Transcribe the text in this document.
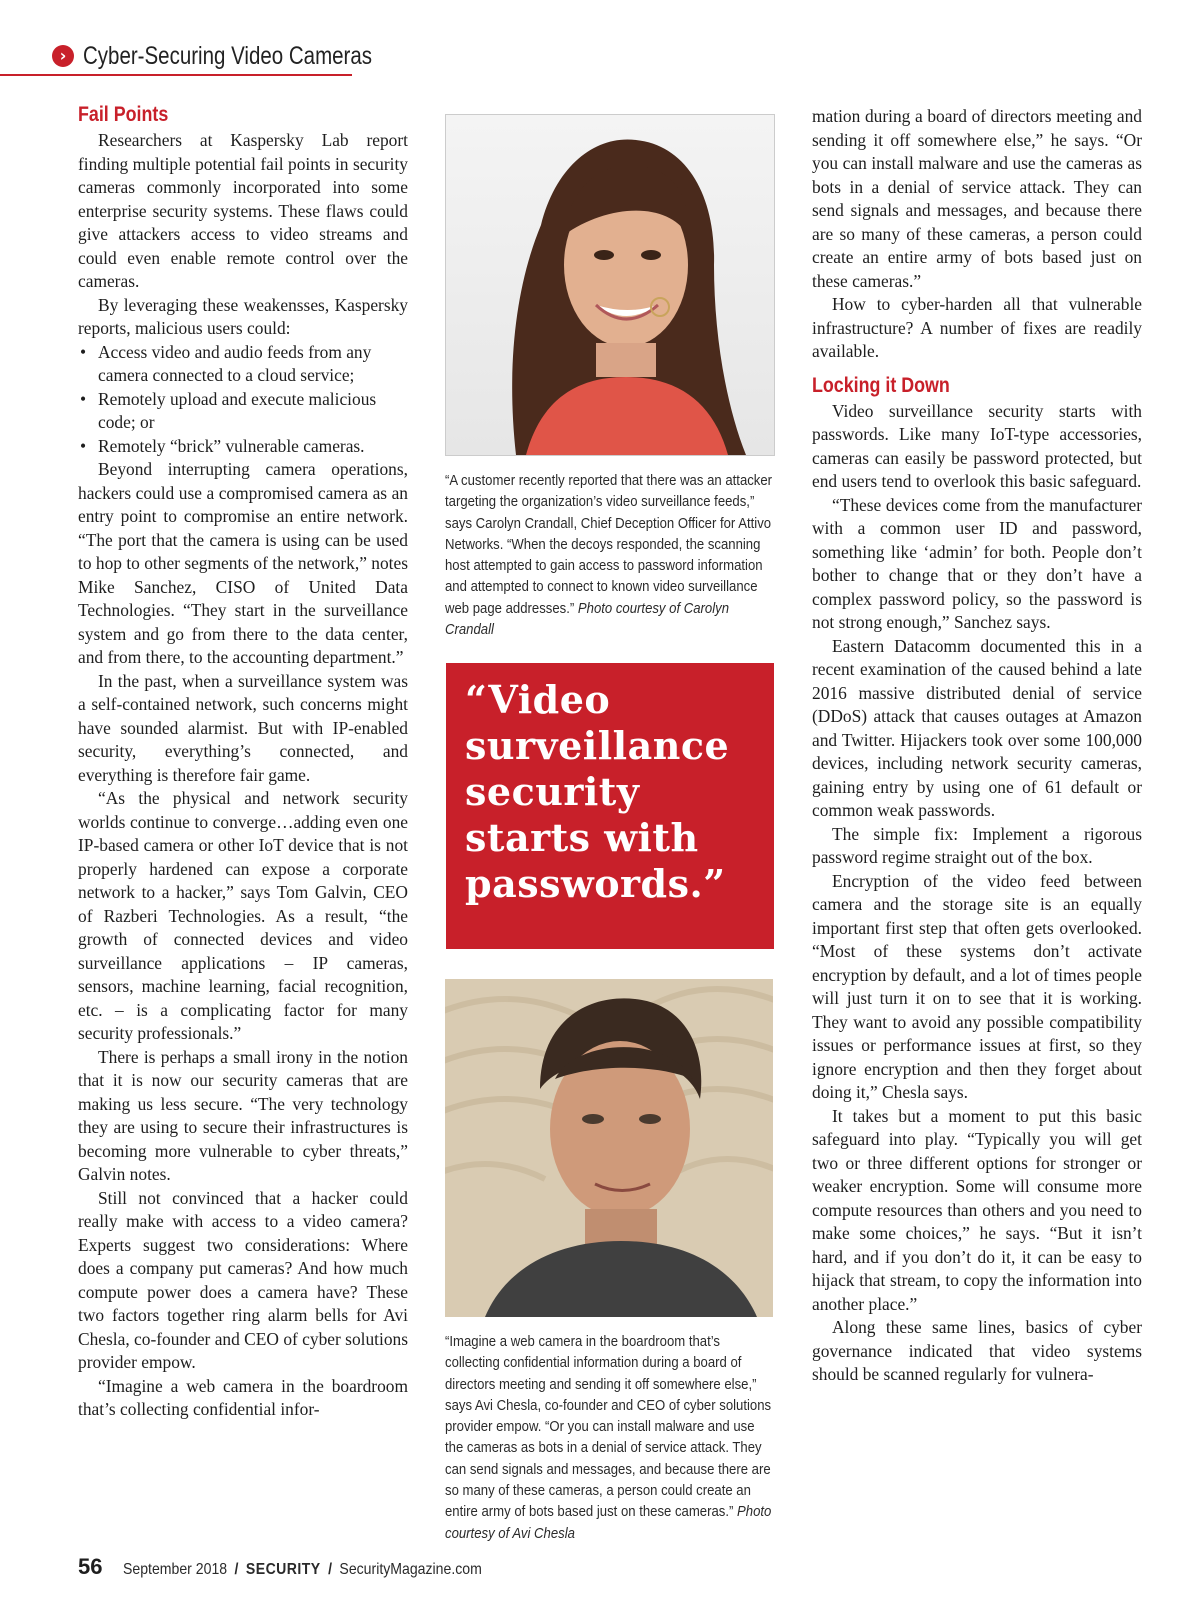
› Cyber-Securing Video Cameras
Fail Points

Researchers at Kaspersky Lab report finding multiple potential fail points in security cameras commonly incorporated into some enterprise security systems. These flaws could give attackers access to video streams and could even enable remote control over the cameras.

By leveraging these weakensses, Kaspersky reports, malicious users could:

• Access video and audio feeds from any camera connected to a cloud service;
• Remotely upload and execute malicious code; or
• Remotely “brick” vulnerable cameras.

Beyond interrupting camera operations, hackers could use a compromised camera as an entry point to compromise an entire network. “The port that the camera is using can be used to hop to other segments of the network,” notes Mike Sanchez, CISO of United Data Technologies. “They start in the surveillance system and go from there to the data center, and from there, to the accounting department.”

In the past, when a surveillance system was a self-contained network, such concerns might have sounded alarmist. But with IP-enabled security, everything’s connected, and everything is therefore fair game.

“As the physical and network security worlds continue to converge…adding even one IP-based camera or other IoT device that is not properly hardened can expose a corporate network to a hacker,” says Tom Galvin, CEO of Razberi Technologies. As a result, “the growth of connected devices and video surveillance applications – IP cameras, sensors, machine learning, facial recognition, etc. – is a complicating factor for many security professionals.”

There is perhaps a small irony in the notion that it is now our security cameras that are making us less secure. “The very technology they are using to secure their infrastructures is becoming more vulnerable to cyber threats,” Galvin notes.

Still not convinced that a hacker could really make with access to a video camera? Experts suggest two considerations: Where does a company put cameras? And how much compute power does a camera have? These two factors together ring alarm bells for Avi Chesla, co-founder and CEO of cyber solutions provider empow.

“Imagine a web camera in the boardroom that’s collecting confidential infor-

“A customer recently reported that there was an attacker targeting the organization’s video surveillance feeds,” says Carolyn Crandall, Chief Deception Officer for Attivo Networks. “When the decoys responded, the scanning host attempted to gain access to password information and attempted to connect to known video surveillance web page addresses.” Photo courtesy of Carolyn Crandall
“Video surveillance security starts with passwords.”
“Imagine a web camera in the boardroom that’s collecting confidential information during a board of directors meeting and sending it off somewhere else,” says Avi Chesla, co-founder and CEO of cyber solutions provider empow. “Or you can install malware and use the cameras as bots in a denial of service attack. They can send signals and messages, and because there are so many of these cameras, a person could create an entire army of bots based just on these cameras.” Photo courtesy of Avi Chesla

mation during a board of directors meeting and sending it off somewhere else,” he says. “Or you can install malware and use the cameras as bots in a denial of service attack. They can send signals and messages, and because there are so many of these cameras, a person could create an entire army of bots based just on these cameras.”

How to cyber-harden all that vulnerable infrastructure? A number of fixes are readily available.

Locking it Down

Video surveillance security starts with passwords. Like many IoT-type accessories, cameras can easily be password protected, but end users tend to overlook this basic safeguard.

“These devices come from the manufacturer with a common user ID and password, something like ‘admin’ for both. People don’t bother to change that or they don’t have a complex password policy, so the password is not strong enough,” Sanchez says.

Eastern Datacomm documented this in a recent examination of the caused behind a late 2016 massive distributed denial of service (DDoS) attack that causes outages at Amazon and Twitter. Hijackers took over some 100,000 devices, including network security cameras, gaining entry by using one of 61 default or common weak passwords.

The simple fix: Implement a rigorous password regime straight out of the box.

Encryption of the video feed between camera and the storage site is an equally important first step that often gets overlooked. “Most of these systems don’t activate encryption by default, and a lot of times people will just turn it on to see that it is working. They want to avoid any possible compatibility issues or performance issues at first, so they ignore encryption and then they forget about doing it,” Chesla says.

It takes but a moment to put this basic safeguard into play. “Typically you will get two or three different options for stronger or weaker encryption. Some will consume more compute resources than others and you need to make some choices,” he says. “But it isn’t hard, and if you don’t do it, it can be easy to hijack that stream, to copy the information into another place.”

Along these same lines, basics of cyber governance indicated that video systems should be scanned regularly for vulnera-

56 September 2018 / SECURITY / SecurityMagazine.com
